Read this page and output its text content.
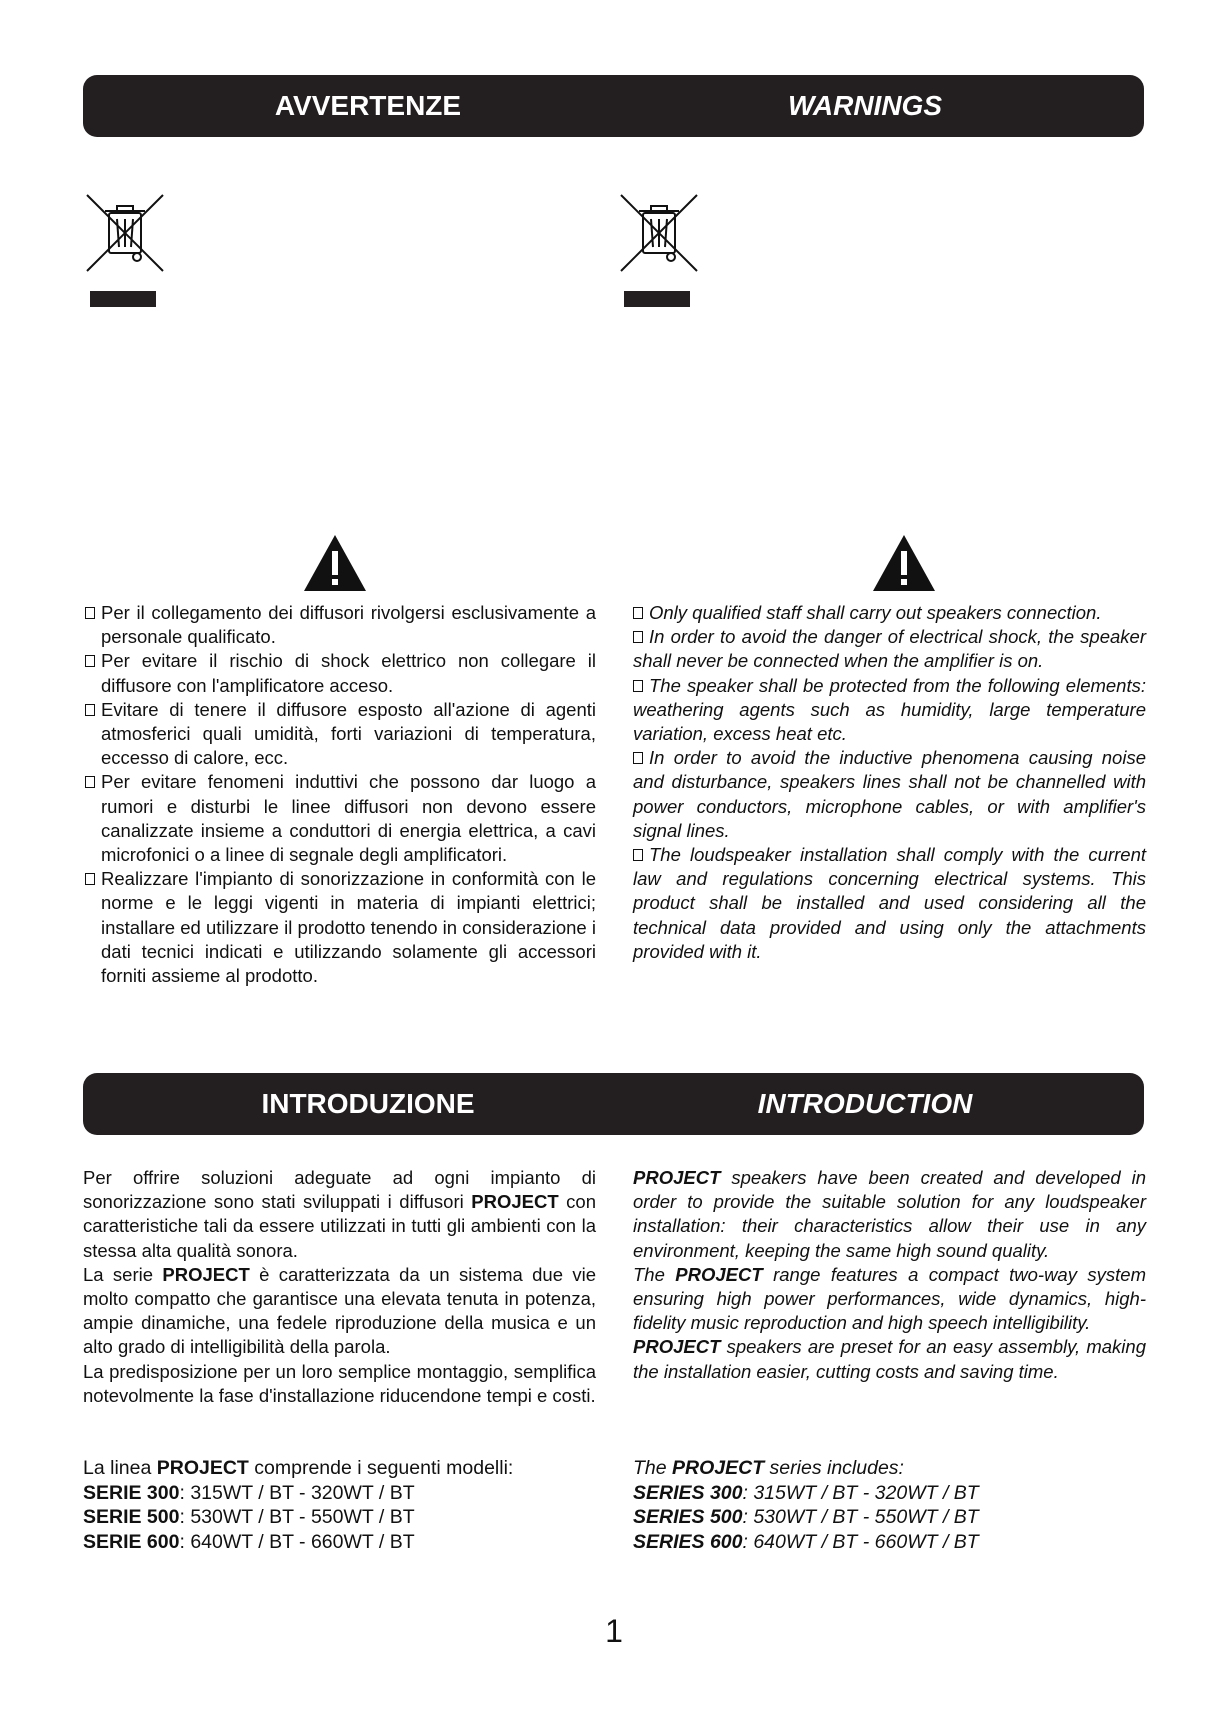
AVVERTENZE	WARNINGS
Per il collegamento dei diffusori rivolgersi esclusivamente a personale qualificato.
Per evitare il rischio di shock elettrico non collegare il diffusore con l'amplificatore acceso.
Evitare di tenere il diffusore esposto all'azione di agenti atmosferici quali umidità, forti variazioni di temperatura, eccesso di calore, ecc.
Per evitare fenomeni induttivi che possono dar luogo a rumori e disturbi le linee diffusori non devono essere canalizzate insieme a conduttori di energia elettrica, a cavi microfonici o a linee di segnale degli amplificatori.
Realizzare l'impianto di sonorizzazione in conformità con le norme e le leggi vigenti in materia di impianti elettrici; installare ed utilizzare il prodotto tenendo in considerazione i dati tecnici indicati e utilizzando solamente gli accessori forniti assieme al prodotto.
Only qualified staff shall carry out speakers connection.
In order to avoid the danger of electrical shock, the speaker shall never be connected when the amplifier is on.
The speaker shall be protected from the following elements: weathering agents such as humidity, large temperature variation, excess heat etc.
In order to avoid the inductive phenomena causing noise and disturbance, speakers lines shall not be channelled with power conductors, microphone cables, or with amplifier's signal lines.
The loudspeaker installation shall comply with the current law and regulations concerning electrical systems. This product shall be installed and used considering all the technical data provided and using only the attachments provided with it.
INTRODUZIONE	INTRODUCTION

Per offrire soluzioni adeguate ad ogni impianto di sonorizzazione sono stati sviluppati i diffusori PROJECT con caratteristiche tali da essere utilizzati in tutti gli ambienti con la stessa alta qualità sonora.

La serie PROJECT è caratterizzata da un sistema due vie molto compatto che garantisce una elevata tenuta in potenza, ampie dinamiche, una fedele riproduzione della musica e un alto grado di intelligibilità della parola.

La predisposizione per un loro semplice montaggio, semplifica notevolmente la fase d'installazione riducendone tempi e costi.

La linea PROJECT comprende i seguenti modelli:
SERIE 300: 315WT / BT - 320WT / BT
SERIE 500: 530WT / BT - 550WT / BT
SERIE 600: 640WT / BT - 660WT / BT

PROJECT speakers have been created and developed in order to provide the suitable solution for any loudspeaker installation: their characteristics allow their use in any environment, keeping the same high sound quality.

The PROJECT range features a compact two-way system ensuring high power performances, wide dynamics, high-fidelity music reproduction and high speech intelligibility.

PROJECT speakers are preset for an easy assembly, making the installation easier, cutting costs and saving time.

The PROJECT series includes:
SERIES 300: 315WT / BT - 320WT / BT
SERIES 500: 530WT / BT - 550WT / BT
SERIES 600: 640WT / BT - 660WT / BT
1
